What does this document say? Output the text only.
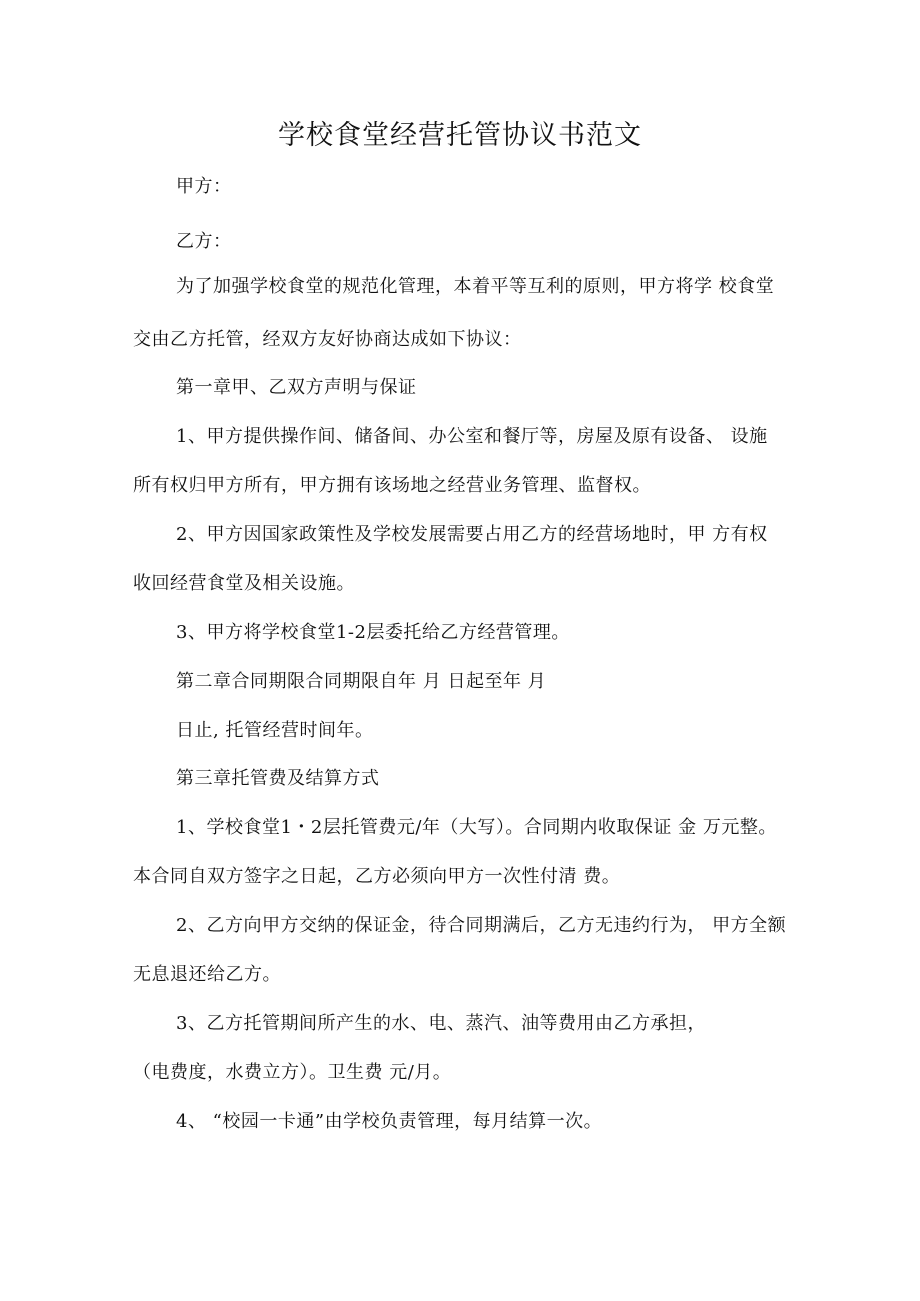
学校食堂经营托管协议书范文
甲方：
乙方：
为了加强学校食堂的规范化管理，本着平等互利的原则，甲方将学 校食堂
交由乙方托管，经双方友好协商达成如下协议：
第一章甲、乙双方声明与保证
1、甲方提供操作间、储备间、办公室和餐厅等，房屋及原有设备、 设施
所有权归甲方所有，甲方拥有该场地之经营业务管理、监督权。
2、甲方因国家政策性及学校发展需要占用乙方的经营场地时，甲 方有权
收回经营食堂及相关设施。
3、甲方将学校食堂1-2层委托给乙方经营管理。
第二章合同期限合同期限自年 月 日起至年 月
日止, 托管经营时间年。
第三章托管费及结算方式
1、学校食堂1・2层托管费元/年（大写）。合同期内收取保证 金 万元整。
本合同自双方签字之日起，乙方必须向甲方一次性付清 费。
2、乙方向甲方交纳的保证金，待合同期满后，乙方无违约行为， 甲方全额
无息退还给乙方。
3、乙方托管期间所产生的水、电、蒸汽、油等费用由乙方承担，
（电费度，水费立方）。卫生费 元/月。
4、 “校园一卡通”由学校负责管理，每月结算一次。
